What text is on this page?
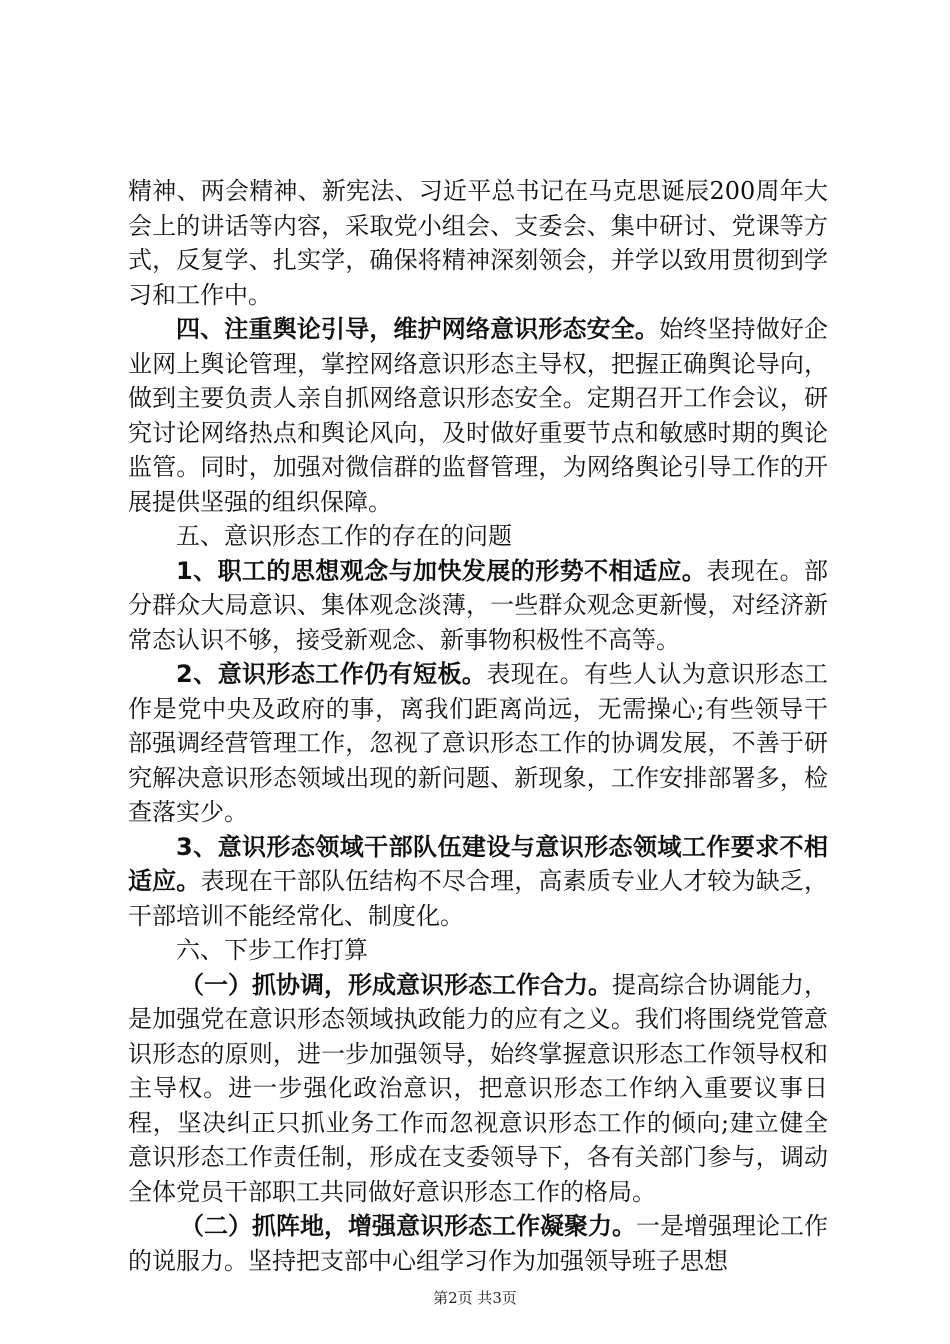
精神、两会精神、新宪法、习近平总书记在马克思诞辰200周年大会上的讲话等内容，采取党小组会、支委会、集中研讨、党课等方式，反复学、扎实学，确保将精神深刻领会，并学以致用贯彻到学习和工作中。

四、注重舆论引导，维护网络意识形态安全。始终坚持做好企业网上舆论管理，掌控网络意识形态主导权，把握正确舆论导向，做到主要负责人亲自抓网络意识形态安全。定期召开工作会议，研究讨论网络热点和舆论风向，及时做好重要节点和敏感时期的舆论监管。同时，加强对微信群的监督管理，为网络舆论引导工作的开展提供坚强的组织保障。

五、意识形态工作的存在的问题

1、职工的思想观念与加快发展的形势不相适应。表现在。部分群众大局意识、集体观念淡薄，一些群众观念更新慢，对经济新常态认识不够，接受新观念、新事物积极性不高等。

2、意识形态工作仍有短板。表现在。有些人认为意识形态工作是党中央及政府的事，离我们距离尚远，无需操心;有些领导干部强调经营管理工作，忽视了意识形态工作的协调发展，不善于研究解决意识形态领域出现的新问题、新现象，工作安排部署多，检查落实少。

3、意识形态领域干部队伍建设与意识形态领域工作要求不相适应。表现在干部队伍结构不尽合理，高素质专业人才较为缺乏，干部培训不能经常化、制度化。

六、下步工作打算

（一）抓协调，形成意识形态工作合力。提高综合协调能力，是加强党在意识形态领域执政能力的应有之义。我们将围绕党管意识形态的原则，进一步加强领导，始终掌握意识形态工作领导权和主导权。进一步强化政治意识，把意识形态工作纳入重要议事日程，坚决纠正只抓业务工作而忽视意识形态工作的倾向;建立健全意识形态工作责任制，形成在支委领导下，各有关部门参与，调动全体党员干部职工共同做好意识形态工作的格局。

（二）抓阵地，增强意识形态工作凝聚力。一是增强理论工作的说服力。坚持把支部中心组学习作为加强领导班子思想

第2页 共3页
